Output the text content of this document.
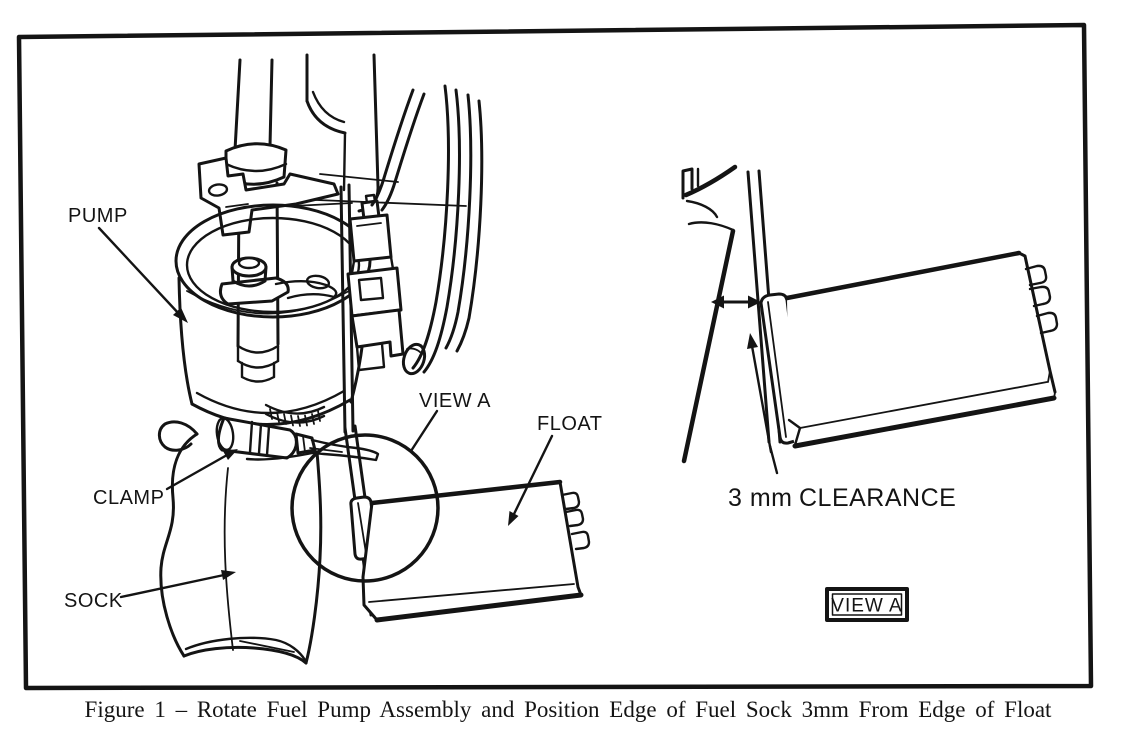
PUMP
CLAMP
SOCK
VIEW A
FLOAT
3 mm CLEARANCE
VIEW A
Figure 1 – Rotate Fuel Pump Assembly and Position Edge of Fuel Sock 3mm From Edge of Float
